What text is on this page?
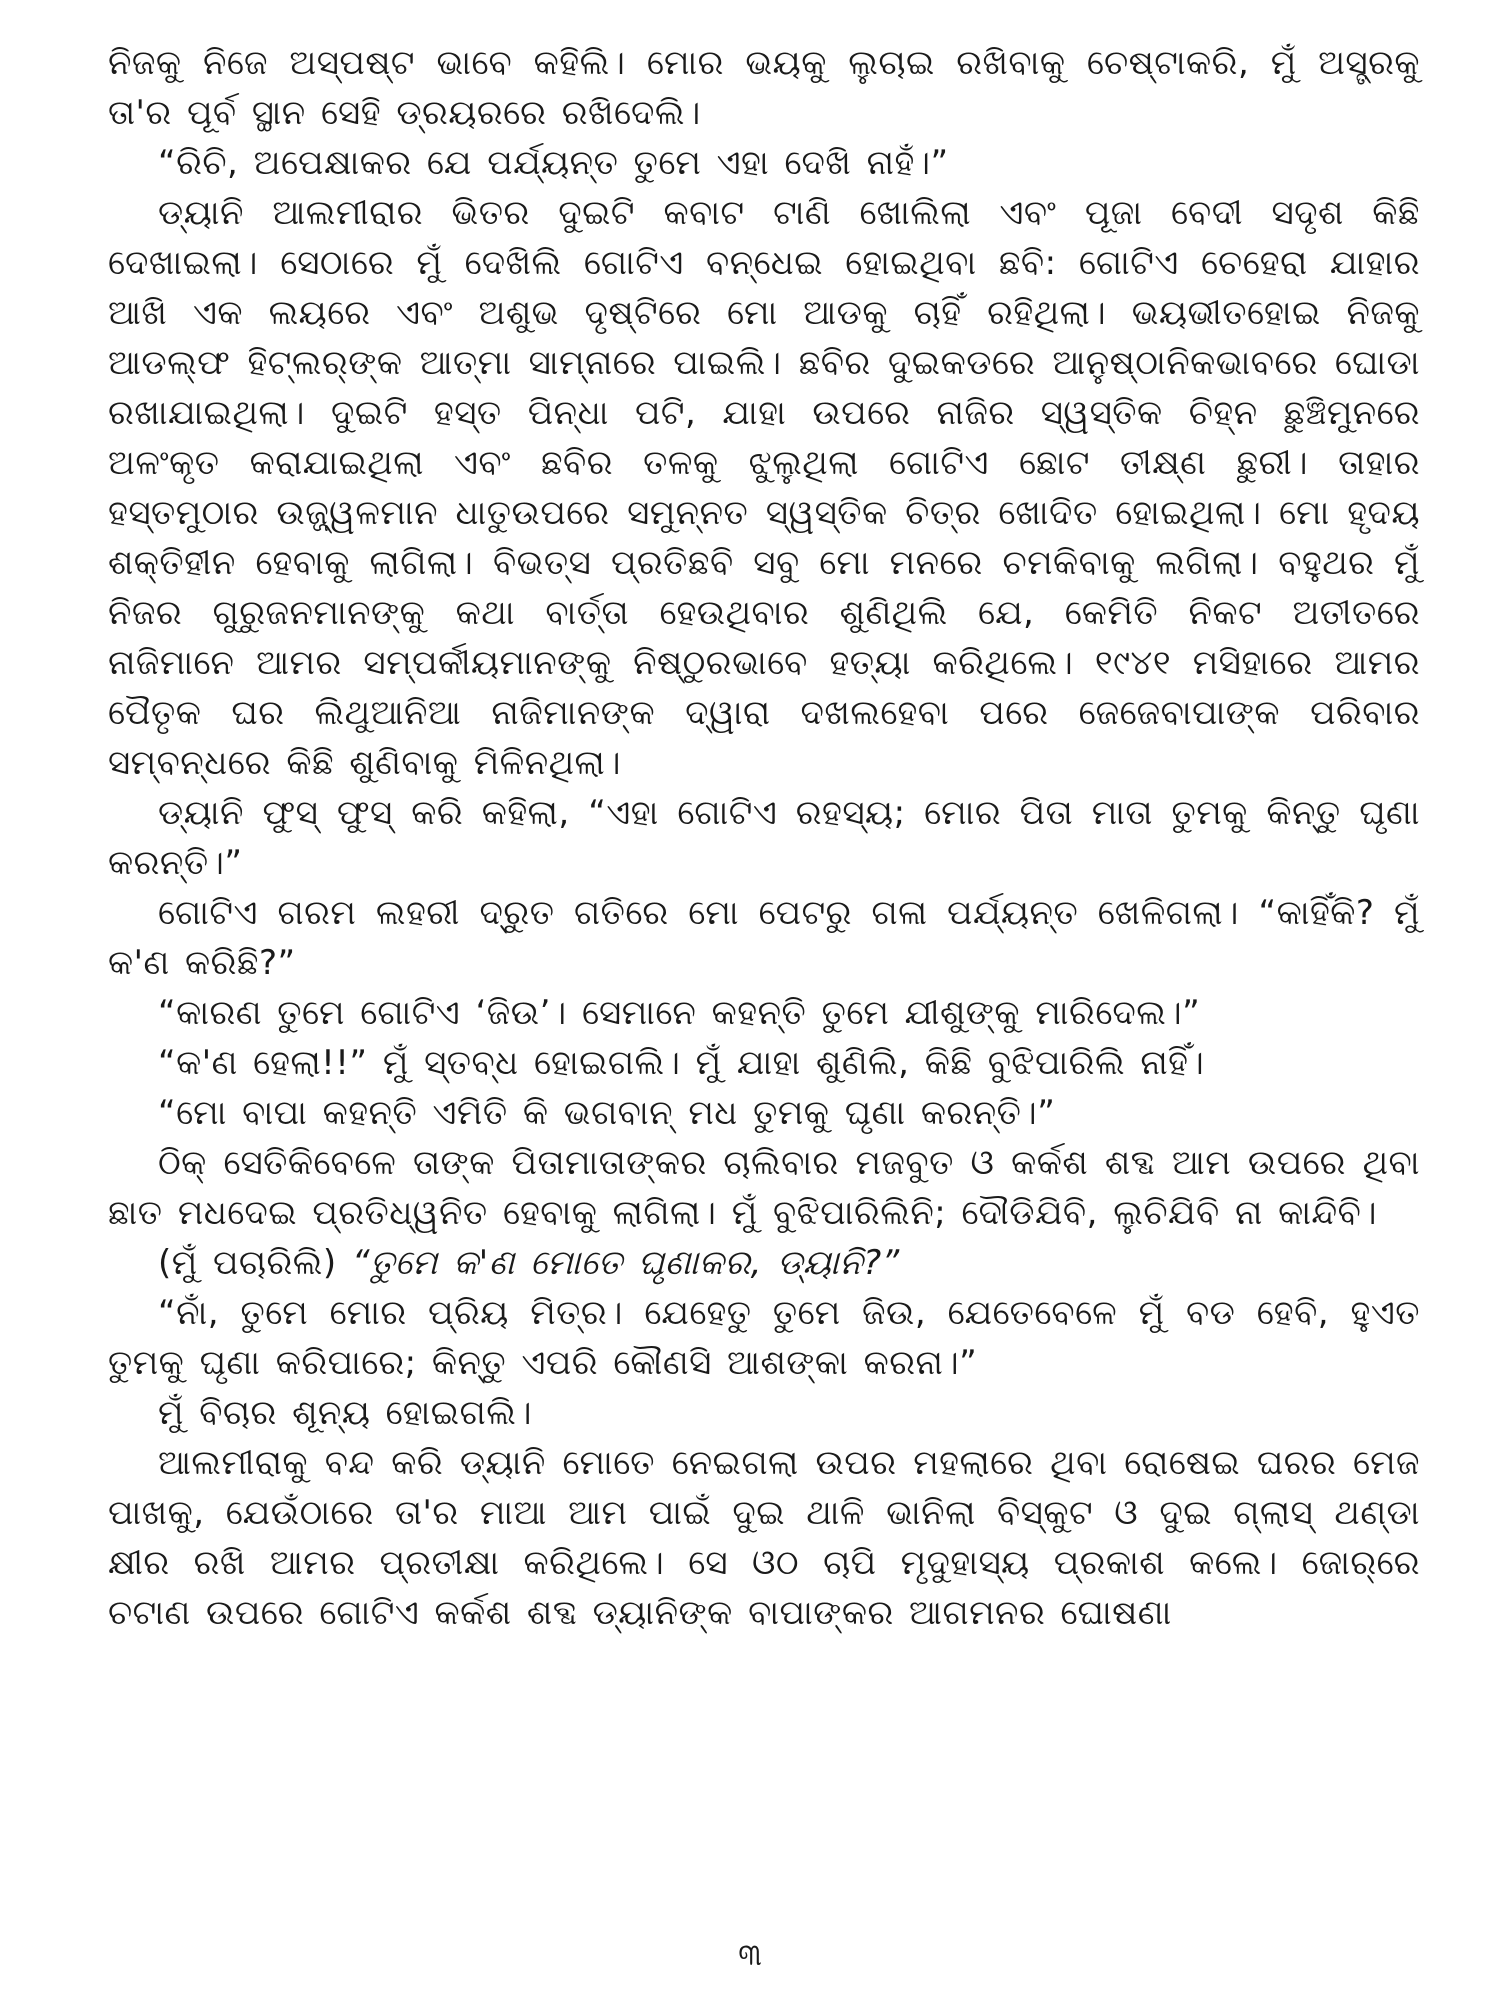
ନିଜକୁ ନିଜେ ଅସ୍ପଷ୍ଟ ଭାବେ କହିଲି। ମୋର ଭୟକୁ ଲୁଚାଇ ରଖିବାକୁ ଚେଷ୍ଟାକରି, ମୁଁ ଅସ୍ତ୍ରକୁ ତା'ର ପୂର୍ବ ସ୍ଥାନ ସେହି ଡ୍ରୟରରେ ରଖିଦେଲି।

“ରିଚି, ଅପେକ୍ଷାକର ଯେ ପର୍ଯ୍ୟନ୍ତ ତୁମେ ଏହା ଦେଖି ନାହଁ।”

ଡ୍ୟାନି ଆଲମୀରାର ଭିତର ଦୁଇଟି କବାଟ ଟାଣି ଖୋଲିଲା ଏବଂ ପୂଜା ବେଦୀ ସଦୃଶ କିଛି ଦେଖାଇଲା। ସେଠାରେ ମୁଁ ଦେଖିଲି ଗୋଟିଏ ବନ୍ଧେଇ ହୋଇଥିବା ଛବି: ଗୋଟିଏ ଚେହେରା ଯାହାର ଆଖି ଏକ ଲୟରେ ଏବଂ ଅଶୁଭ ଦୃଷ୍ଟିରେ ମୋ ଆଡକୁ ଚାହିଁ ରହିଥିଲା। ଭୟଭୀତହୋଇ ନିଜକୁ ଆଡଲ୍‌ଫ ହିଟ୍‌ଲର୍‌ଙ୍କ ଆତ୍ମା ସାମ୍ନାରେ ପାଇଲି। ଛବିର ଦୁଇକଡରେ ଆନୁଷ୍ଠାନିକଭାବରେ ଘୋଡା ରଖାଯାଇଥିଲା। ଦୁଇଟି ହସ୍ତ ପିନ୍ଧା ପଟି, ଯାହା ଉପରେ ନାଜିର ସ୍ୱସ୍ତିକ ଚିହ୍ନ ଛୁଞ୍ଚିମୁନରେ ଅଳଂକୃତ କରାଯାଇଥିଲା ଏବଂ ଛବିର ତଳକୁ ଝୁଲୁଥିଲା ଗୋଟିଏ ଛୋଟ ତୀକ୍ଷ୍ଣ ଛୁରୀ। ତାହାର ହସ୍ତମୁଠାର ଉଜ୍ଜ୍ୱଳମାନ ଧାତୁଉପରେ ସମୁନ୍ନତ ସ୍ୱସ୍ତିକ ଚିତ୍ର ଖୋଦିତ ହୋଇଥିଲା। ମୋ ହୃଦୟ ଶକ୍ତିହୀନ ହେବାକୁ ଲାଗିଲା। ବିଭତ୍ସ ପ୍ରତିଛବି ସବୁ ମୋ ମନରେ ଚମକିବାକୁ ଲଗିଲା। ବହୁଥର ମୁଁ ନିଜର ଗୁରୁଜନମାନଙ୍କୁ କଥା ବାର୍ତ୍ତା ହେଉଥିବାର ଶୁଣିଥିଲି ଯେ, କେମିତି ନିକଟ ଅତୀତରେ ନାଜିମାନେ ଆମର ସମ୍ପର୍କୀୟମାନଙ୍କୁ ନିଷ୍ଠୁରଭାବେ ହତ୍ୟା କରିଥିଲେ। ୧୯୪୧ ମସିହାରେ ଆମର ପୈତୃକ ଘର ଲିଥୁଆନିଆ ନାଜିମାନଙ୍କ ଦ୍ୱାରା ଦଖଲହେବା ପରେ ଜେଜେବାପାଙ୍କ ପରିବାର ସମ୍ବନ୍ଧରେ କିଛି ଶୁଣିବାକୁ ମିଳିନଥିଲା।

ଡ୍ୟାନି ଫୁସ୍ ଫୁସ୍ କରି କହିଲା, “ଏହା ଗୋଟିଏ ରହସ୍ୟ; ମୋର ପିତା ମାତା ତୁମକୁ କିନ୍ତୁ ଘୃଣା କରନ୍ତି।”

ଗୋଟିଏ ଗରମ ଲହରୀ ଦ୍ରୁତ ଗତିରେ ମୋ ପେଟରୁ ଗଳା ପର୍ଯ୍ୟନ୍ତ ଖେଳିଗଲା। “କାହିଁକି? ମୁଁ କ'ଣ କରିଛି?”

“କାରଣ ତୁମେ ଗୋଟିଏ ‘ଜିଉ’। ସେମାନେ କହନ୍ତି ତୁମେ ଯୀଶୁଙ୍କୁ ମାରିଦେଲ।”

“କ'ଣ ହେଲା!!” ମୁଁ ସ୍ତବ୍ଧ ହୋଇଗଲି। ମୁଁ ଯାହା ଶୁଣିଲି, କିଛି ବୁଝିପାରିଲି ନାହିଁ।

“ମୋ ବାପା କହନ୍ତି ଏମିତି କି ଭଗବାନ୍ ମଧ ତୁମକୁ ଘୃଣା କରନ୍ତି।”

ଠିକ୍ ସେତିକିବେଳେ ତାଙ୍କ ପିତାମାତାଙ୍କର ଚାଲିବାର ମଜବୁତ ଓ କର୍କଶ ଶବ୍ଦ ଆମ ଉପରେ ଥିବା ଛାତ ମଧଦେଇ ପ୍ରତିଧ୍ୱନିତ ହେବାକୁ ଲାଗିଲା। ମୁଁ ବୁଝିପାରିଲିନି; ଦୌଡିଯିବି, ଲୁଚିଯିବି ନା କାନ୍ଦିବି।

(ମୁଁ ପଚାରିଲି) “ତୁମେ କ'ଣ ମୋତେ ଘୃଣାକର, ଡ୍ୟାନି?”

“ନାଁ, ତୁମେ ମୋର ପ୍ରିୟ ମିତ୍ର। ଯେହେତୁ ତୁମେ ଜିଉ, ଯେତେବେଳେ ମୁଁ ବଡ ହେବି, ହୁଏତ ତୁମକୁ ଘୃଣା କରିପାରେ; କିନ୍ତୁ ଏପରି କୌଣସି ଆଶଙ୍କା କରନା।”

ମୁଁ ବିଚାର ଶୂନ୍ୟ ହୋଇଗଲି।

ଆଲମୀରାକୁ ବନ୍ଦ କରି ଡ୍ୟାନି ମୋତେ ନେଇଗଲା ଉପର ମହଲାରେ ଥିବା ରୋଷେଇ ଘରର ମେଜ ପାଖକୁ, ଯେଉଁଠାରେ ତା'ର ମାଆ ଆମ ପାଇଁ ଦୁଇ ଥାଳି ଭାନିଲା ବିସ୍କୁଟ ଓ ଦୁଇ ଗ୍ଲାସ୍ ଥଣ୍ଡା କ୍ଷୀର ରଖି ଆମର ପ୍ରତୀକ୍ଷା କରିଥିଲେ। ସେ ଓଠ ଚାପି ମୃଦୁହାସ୍ୟ ପ୍ରକାଶ କଲେ। ଜୋର୍‌ରେ ଚଟାଣ ଉପରେ ଗୋଟିଏ କର୍କଶ ଶବ୍ଦ ଡ୍ୟାନିଙ୍କ ବାପାଙ୍କର ଆଗମନର ଘୋଷଣା

୩
